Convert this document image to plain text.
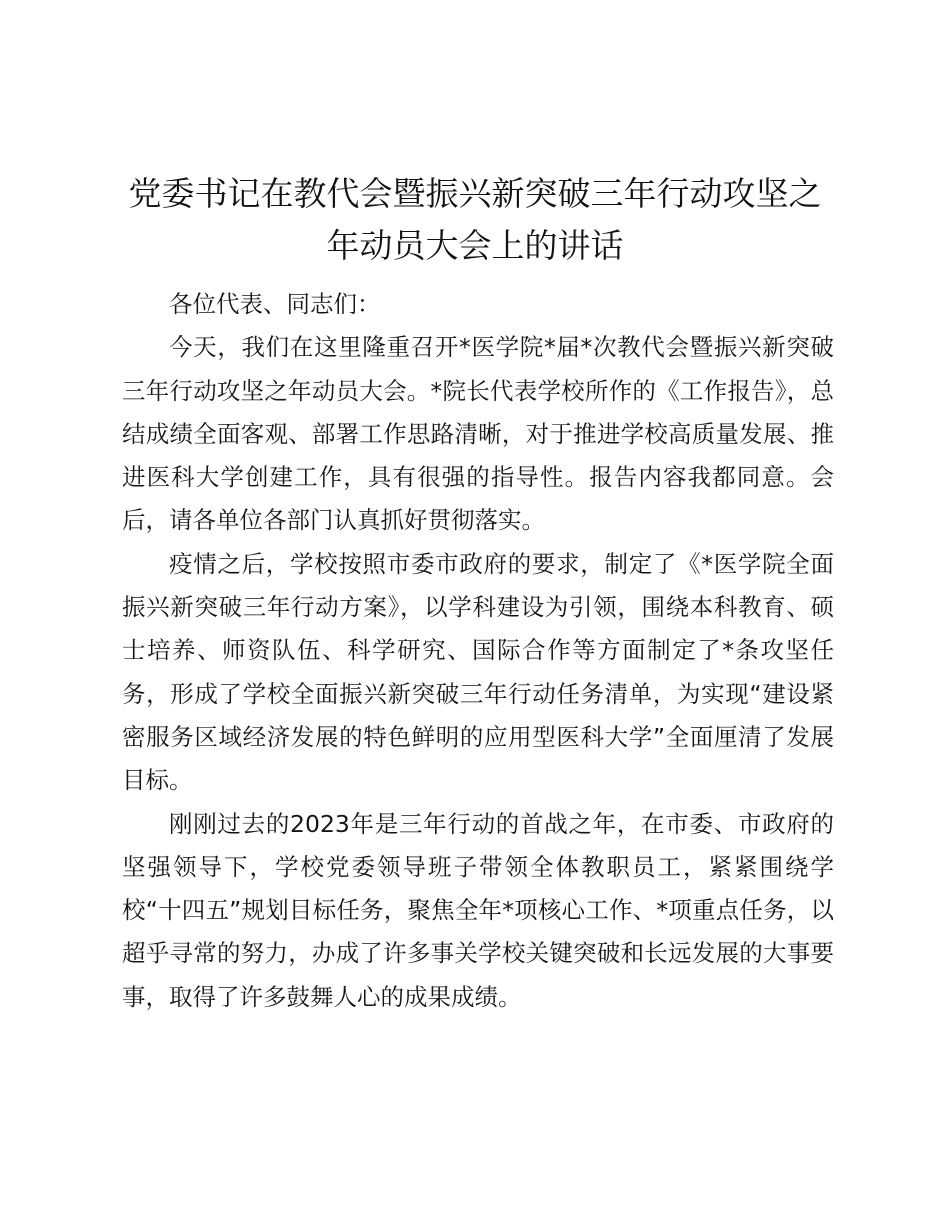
党委书记在教代会暨振兴新突破三年行动攻坚之年动员大会上的讲话

各位代表、同志们：

今天，我们在这里隆重召开*医学院*届*次教代会暨振兴新突破三年行动攻坚之年动员大会。*院长代表学校所作的《工作报告》，总结成绩全面客观、部署工作思路清晰，对于推进学校高质量发展、推进医科大学创建工作，具有很强的指导性。报告内容我都同意。会后，请各单位各部门认真抓好贯彻落实。

疫情之后，学校按照市委市政府的要求，制定了《*医学院全面振兴新突破三年行动方案》，以学科建设为引领，围绕本科教育、硕士培养、师资队伍、科学研究、国际合作等方面制定了*条攻坚任务，形成了学校全面振兴新突破三年行动任务清单，为实现“建设紧密服务区域经济发展的特色鲜明的应用型医科大学”全面厘清了发展目标。

刚刚过去的2023年是三年行动的首战之年，在市委、市政府的坚强领导下，学校党委领导班子带领全体教职员工，紧紧围绕学校“十四五”规划目标任务，聚焦全年*项核心工作、*项重点任务，以超乎寻常的努力，办成了许多事关学校关键突破和长远发展的大事要事，取得了许多鼓舞人心的成果成绩。
